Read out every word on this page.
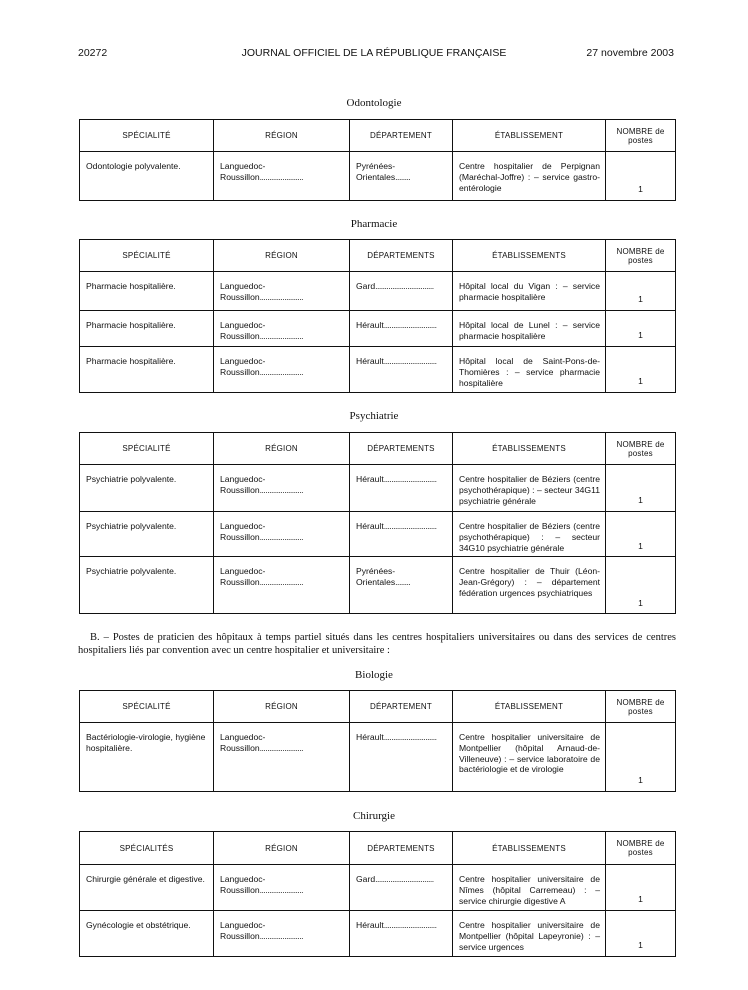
20272	JOURNAL OFFICIEL DE LA RÉPUBLIQUE FRANÇAISE	27 novembre 2003
Odontologie
Pharmacie
Psychiatrie
B. – Postes de praticien des hôpitaux à temps partiel situés dans les centres hospitaliers universitaires ou dans des services de centres hospitaliers liés par convention avec un centre hospitalier et universitaire :
Biologie
Chirurgie
SPÉCIALITÉ	RÉGION	DÉPARTEMENT	ÉTABLISSEMENT	NOMBRE de postes
Odontologie polyvalente.	Languedoc-Roussillon.......................	Pyrénées-Orientales........	Centre hospitalier de Perpignan (Maréchal-Joffre) : – service gastro-entérologie	1
SPÉCIALITÉ	RÉGION	DÉPARTEMENTS	ÉTABLISSEMENTS	NOMBRE de postes
Pharmacie hospitalière.	Languedoc-Roussillon.......................	Gard...............................	Hôpital local du Vigan : – service pharmacie hospitalière	1
Pharmacie hospitalière.	Languedoc-Roussillon.......................	Hérault............................	Hôpital local de Lunel : – service pharmacie hospitalière	1
Pharmacie hospitalière.	Languedoc-Roussillon.......................	Hérault............................	Hôpital local de Saint-Pons-de-Thomières : – service pharmacie hospitalière	1
SPÉCIALITÉ	RÉGION	DÉPARTEMENTS	ÉTABLISSEMENTS	NOMBRE de postes
Psychiatrie polyvalente.	Languedoc-Roussillon.......................	Hérault............................	Centre hospitalier de Béziers (centre psychothérapique) : – secteur 34G11 psychiatrie générale	1
Psychiatrie polyvalente.	Languedoc-Roussillon.......................	Hérault............................	Centre hospitalier de Béziers (centre psychothérapique) : – secteur 34G10 psychiatrie générale	1
Psychiatrie polyvalente.	Languedoc-Roussillon.......................	Pyrénées-Orientales........	Centre hospitalier de Thuir (Léon-Jean-Grégory) : – département fédération urgences psychiatriques	1
SPÉCIALITÉ	RÉGION	DÉPARTEMENT	ÉTABLISSEMENT	NOMBRE de postes
Bactériologie-virologie, hygiène hospitalière.	Languedoc-Roussillon.......................	Hérault............................	Centre hospitalier universitaire de Montpellier (hôpital Arnaud-de-Villeneuve) : – service laboratoire de bactériologie et de virologie	1
SPÉCIALITÉS	RÉGION	DÉPARTEMENTS	ÉTABLISSEMENTS	NOMBRE de postes
Chirurgie générale et digestive.	Languedoc-Roussillon.......................	Gard...............................	Centre hospitalier universitaire de Nîmes (hôpital Carremeau) : – service chirurgie digestive A	1
Gynécologie et obstétrique.	Languedoc-Roussillon.......................	Hérault............................	Centre hospitalier universitaire de Montpellier (hôpital Lapeyronie) : – service urgences	1
